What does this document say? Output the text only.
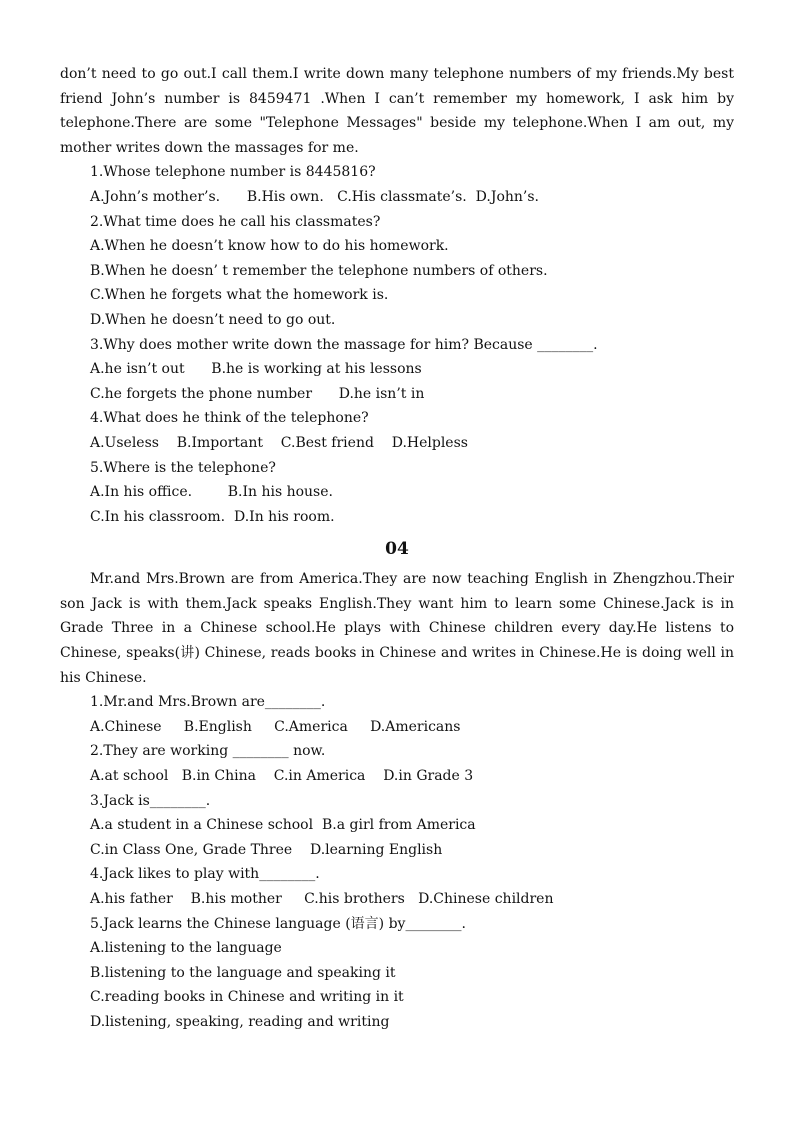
don’t need to go out.I call them.I write down many telephone numbers of my friends.My best friend John’s number is 8459471 .When I can’t remember my homework, I ask him by telephone.There are some "Telephone Messages" beside my telephone.When I am out, my mother writes down the massages for me.

1.Whose telephone number is 8445816?

A.John’s mother’s.      B.His own.   C.His classmate’s.  D.John’s.

2.What time does he call his classmates?

A.When he doesn’t know how to do his homework.

B.When he doesn’ t remember the telephone numbers of others.

C.When he forgets what the homework is.

D.When he doesn’t need to go out.

3.Why does mother write down the massage for him? Because ________.

A.he isn’t out      B.he is working at his lessons

C.he forgets the phone number      D.he isn’t in

4.What does he think of the telephone?

A.Useless    B.Important    C.Best friend    D.Helpless

5.Where is the telephone?

A.In his office.        B.In his house.

C.In his classroom.  D.In his room.

04

Mr.and Mrs.Brown are from America.They are now teaching English in Zhengzhou.Their son Jack is with them.Jack speaks English.They want him to learn some Chinese.Jack is in Grade Three in a Chinese school.He plays with Chinese children every day.He listens to Chinese, speaks(讲) Chinese, reads books in Chinese and writes in Chinese.He is doing well in his Chinese.

1.Mr.and Mrs.Brown are________.

A.Chinese     B.English     C.America     D.Americans

2.They are working ________ now.

A.at school   B.in China    C.in America    D.in Grade 3

3.Jack is________.

A.a student in a Chinese school  B.a girl from America

C.in Class One, Grade Three    D.learning English

4.Jack likes to play with________.

A.his father    B.his mother     C.his brothers   D.Chinese children

5.Jack learns the Chinese language (语言) by________.

A.listening to the language

B.listening to the language and speaking it

C.reading books in Chinese and writing in it

D.listening, speaking, reading and writing
